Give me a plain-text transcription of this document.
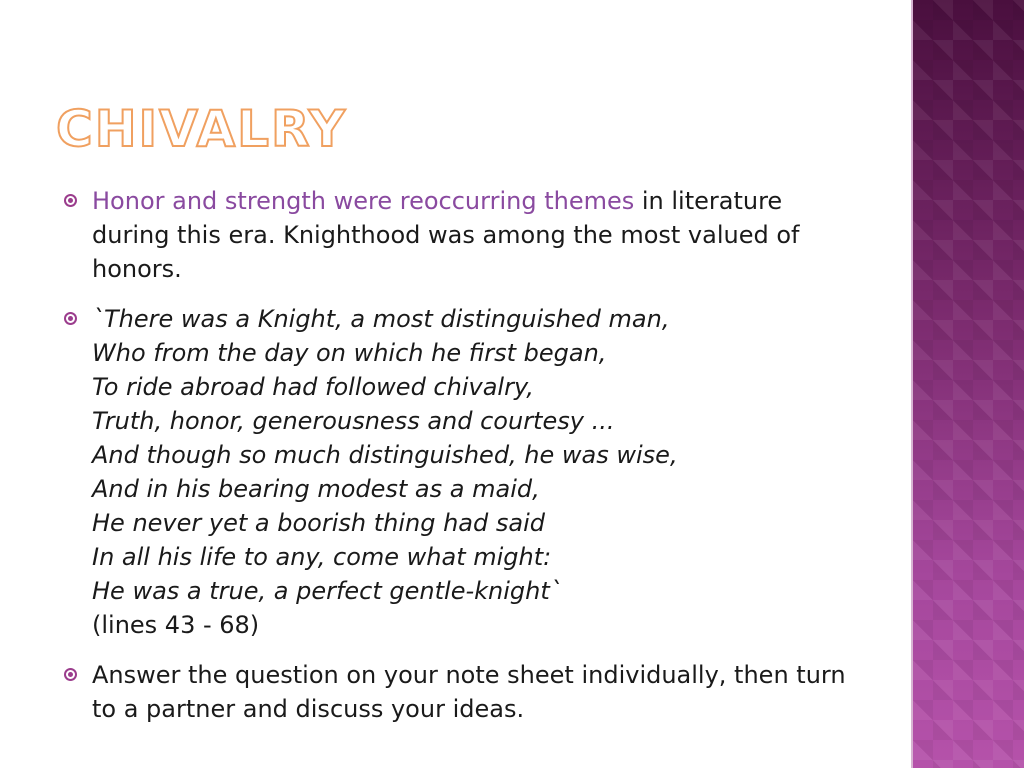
CHIVALRY
Honor and strength were reoccurring themes in literature during this era. Knighthood was among the most valued of honors.
`There was a Knight, a most distinguished man,
Who from the day on which he first began,
To ride abroad had followed chivalry,
Truth, honor, generousness and courtesy ...
And though so much distinguished, he was wise,
And in his bearing modest as a maid,
He never yet a boorish thing had said
In all his life to any, come what might:
He was a true, a perfect gentle-knight`
(lines 43 - 68)
Answer the question on your note sheet individually, then turn to a partner and discuss your ideas.
